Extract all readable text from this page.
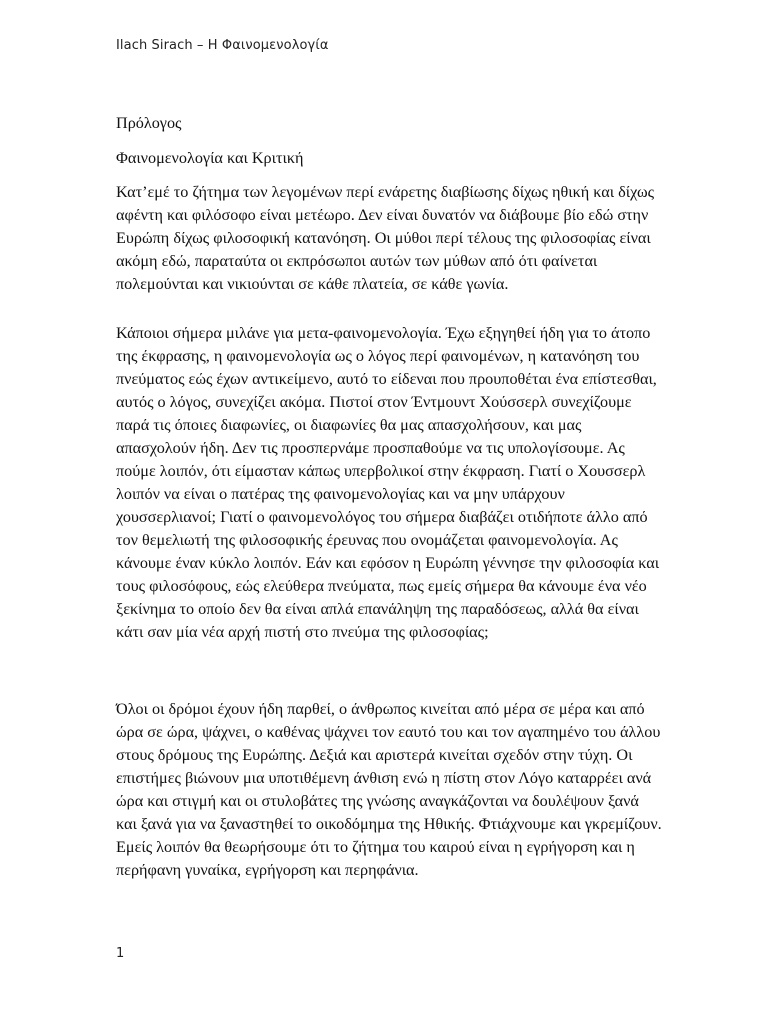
Ilach Sirach – Η Φαινομενολογία
Πρόλογος
Φαινομενολογία και Κριτική

Κατ’εμέ το ζήτημα των λεγομένων περί ενάρετης διαβίωσης δίχως ηθική και δίχως αφέντη και φιλόσοφο είναι μετέωρο. Δεν είναι δυνατόν να διάβουμε βίο εδώ στην Ευρώπη δίχως φιλοσοφική κατανόηση. Οι μύθοι περί τέλους της φιλοσοφίας είναι ακόμη εδώ, παραταύτα οι εκπρόσωποι αυτών των μύθων από ότι φαίνεται πολεμούνται και νικιούνται σε κάθε πλατεία, σε κάθε γωνία.

Κάποιοι σήμερα μιλάνε για μετα-φαινομενολογία. Έχω εξηγηθεί ήδη για το άτοπο της έκφρασης, η φαινομενολογία ως ο λόγος περί φαινομένων, η κατανόηση του πνεύματος εώς έχων αντικείμενο, αυτό το είδεναι που προυποθέται ένα επίστεσθαι, αυτός ο λόγος, συνεχίζει ακόμα. Πιστοί στον Έντμουντ Χούσσερλ συνεχίζουμε παρά τις όποιες διαφωνίες, οι διαφωνίες θα μας απασχολήσουν, και μας απασχολούν ήδη. Δεν τις προσπερνάμε προσπαθούμε να τις υπολογίσουμε. Ας πούμε λοιπόν, ότι είμασταν κάπως υπερβολικοί στην έκφραση. Γιατί ο Χουσσερλ λοιπόν να είναι ο πατέρας της φαινομενολογίας και να μην υπάρχουν χουσσερλιανοί; Γιατί ο φαινομενολόγος του σήμερα διαβάζει οτιδήποτε άλλο από τον θεμελιωτή της φιλοσοφικής έρευνας που ονομάζεται φαινομενολογία. Ας κάνουμε έναν κύκλο λοιπόν. Εάν και εφόσον η Ευρώπη γέννησε την φιλοσοφία και τους φιλοσόφους, εώς ελεύθερα πνεύματα, πως εμείς σήμερα θα κάνουμε ένα νέο ξεκίνημα το οποίο δεν θα είναι απλά επανάληψη της παραδόσεως, αλλά θα είναι κάτι σαν μία νέα αρχή πιστή στο πνεύμα της φιλοσοφίας;

Όλοι οι δρόμοι έχουν ήδη παρθεί, ο άνθρωπος κινείται από μέρα σε μέρα και από ώρα σε ώρα, ψάχνει, ο καθένας ψάχνει τον εαυτό του και τον αγαπημένο του άλλου στους δρόμους της Ευρώπης. Δεξιά και αριστερά κινείται σχεδόν στην τύχη. Οι επιστήμες βιώνουν μια υποτιθέμενη άνθιση ενώ η πίστη στον Λόγο καταρρέει ανά ώρα και στιγμή και οι στυλοβάτες της γνώσης αναγκάζονται να δουλέψουν ξανά και ξανά για να ξαναστηθεί το οικοδόμημα της Ηθικής. Φτιάχνουμε και γκρεμίζουν. Εμείς λοιπόν θα θεωρήσουμε ότι το ζήτημα του καιρού είναι η εγρήγορση και η περήφανη γυναίκα, εγρήγορση και περηφάνια.

1
